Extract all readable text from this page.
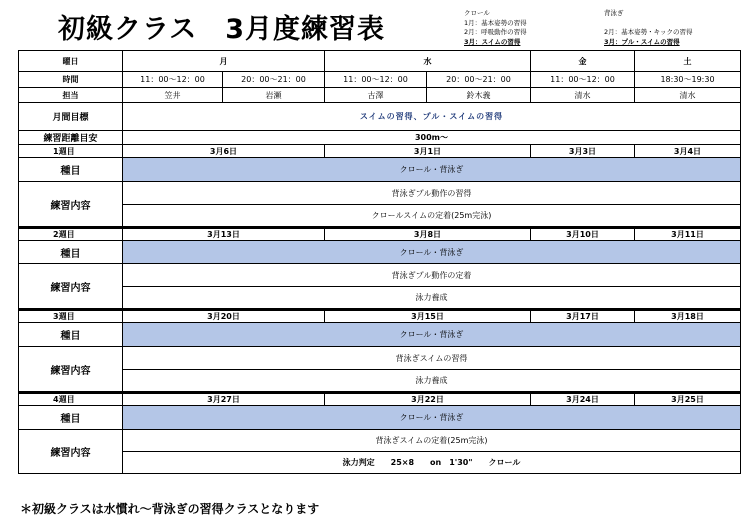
初級クラス　3月度練習表
クロール
1月：基本姿勢の習得
2月：呼吸動作の習得
3月：スイムの習得
背泳ぎ

2月：基本姿勢・キックの習得
3月：プル・スイムの習得
曜日	月		水		金	土
時間	11：00～12：00	20：00～21：00	11：00～12：00	20：00～21：00	11：00～12：00	18:30～19:30
担当	笠井	岩瀬	古澤	鈴木義	清水	清水
月間目標	スイムの習得、プル・スイムの習得					
練習距離目安	300m～					
1週目	3月6日		3月1日		3月3日	3月4日
種目	クロール・背泳ぎ					
練習内容	背泳ぎプル動作の習得					
	クロールスイムの定着(25m完泳)					
2週目	3月13日		3月8日		3月10日	3月11日
種目	クロール・背泳ぎ					
練習内容	背泳ぎプル動作の定着					
	泳力養成					
3週目	3月20日		3月15日		3月17日	3月18日
種目	クロール・背泳ぎ					
練習内容	背泳ぎスイムの習得					
	泳力養成					
4週目	3月27日		3月22日		3月24日	3月25日
種目	クロール・背泳ぎ					
練習内容	背泳ぎスイムの定着(25m完泳)					
	泳力判定　　25×8　　on　1'30"　　クロール					
＊初級クラスは水慣れ～背泳ぎの習得クラスとなります
